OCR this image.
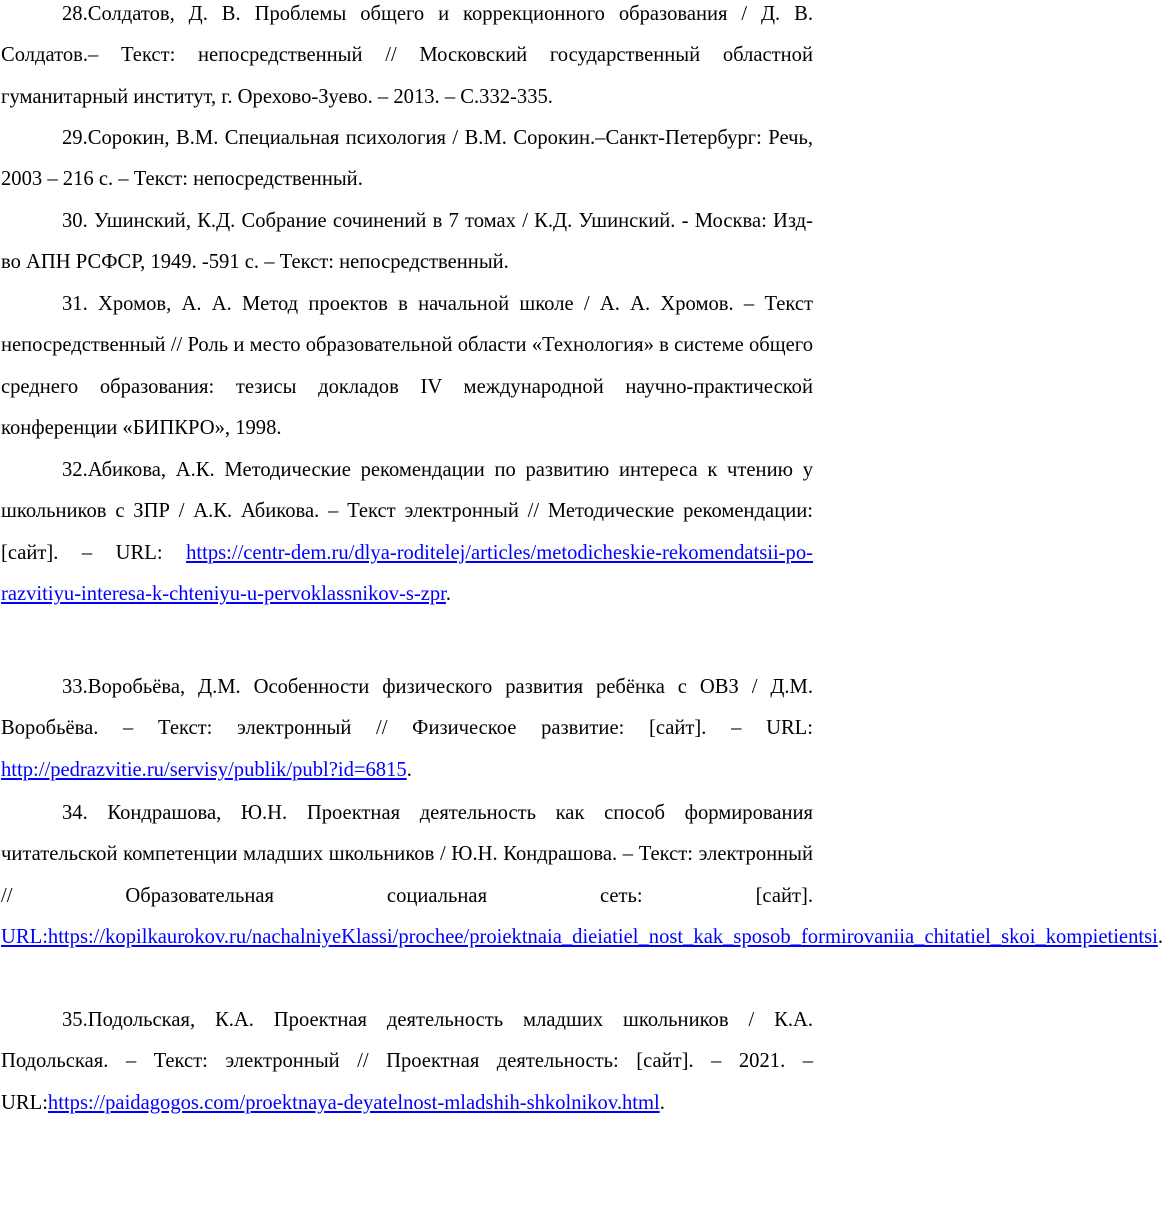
28.Солдатов, Д. В. Проблемы общего и коррекционного образования / Д. В. Солдатов.– Текст: непосредственный // Московский государственный областной гуманитарный институт, г. Орехово-Зуево. – 2013. – С.332-335.

29.Сорокин, В.М. Специальная психология / В.М. Сорокин.–Санкт-Петербург: Речь, 2003 – 216 с. – Текст: непосредственный.

30. Ушинский, К.Д. Собрание сочинений в 7 томах / К.Д. Ушинский. - Москва: Изд-во АПН РСФСР, 1949. -591 с. – Текст: непосредственный.

31. Хромов, А. А. Метод проектов в начальной школе / А. А. Хромов. – Текст непосредственный // Роль и место образовательной области «Технология» в системе общего среднего образования: тезисы докладов IV международной научно-практической конференции «БИПКРО», 1998.

32.Абикова, А.К. Методические рекомендации по развитию интереса к чтению у школьников с ЗПР / А.К. Абикова. – Текст электронный // Методические рекомендации: [сайт]. – URL: https://centr-dem.ru/dlya-roditelej/articles/metodicheskie-rekomendatsii-po-razvitiyu-interesa-k-chteniyu-u-pervoklassnikov-s-zpr.

33.Воробьёва, Д.М. Особенности физического развития ребёнка с ОВЗ / Д.М. Воробьёва. – Текст: электронный // Физическое развитие: [сайт]. – URL: http://pedrazvitie.ru/servisy/publik/publ?id=6815.

34. Кондрашова, Ю.Н. Проектная деятельность как способ формирования читательской компетенции младших школьников / Ю.Н. Кондрашова. – Текст: электронный // Образовательная социальная сеть: [сайт]. URL:https://kopilkaurokov.ru/nachalniyeKlassi/prochee/proiektnaia_dieiatiel_nost_kak_sposob_formirovaniia_chitatiel_skoi_kompietientsi.

35.Подольская, К.А. Проектная деятельность младших школьников / К.А. Подольская. – Текст: электронный // Проектная деятельность: [сайт]. – 2021. – URL:https://paidagogos.com/proektnaya-deyatelnost-mladshih-shkolnikov.html.
